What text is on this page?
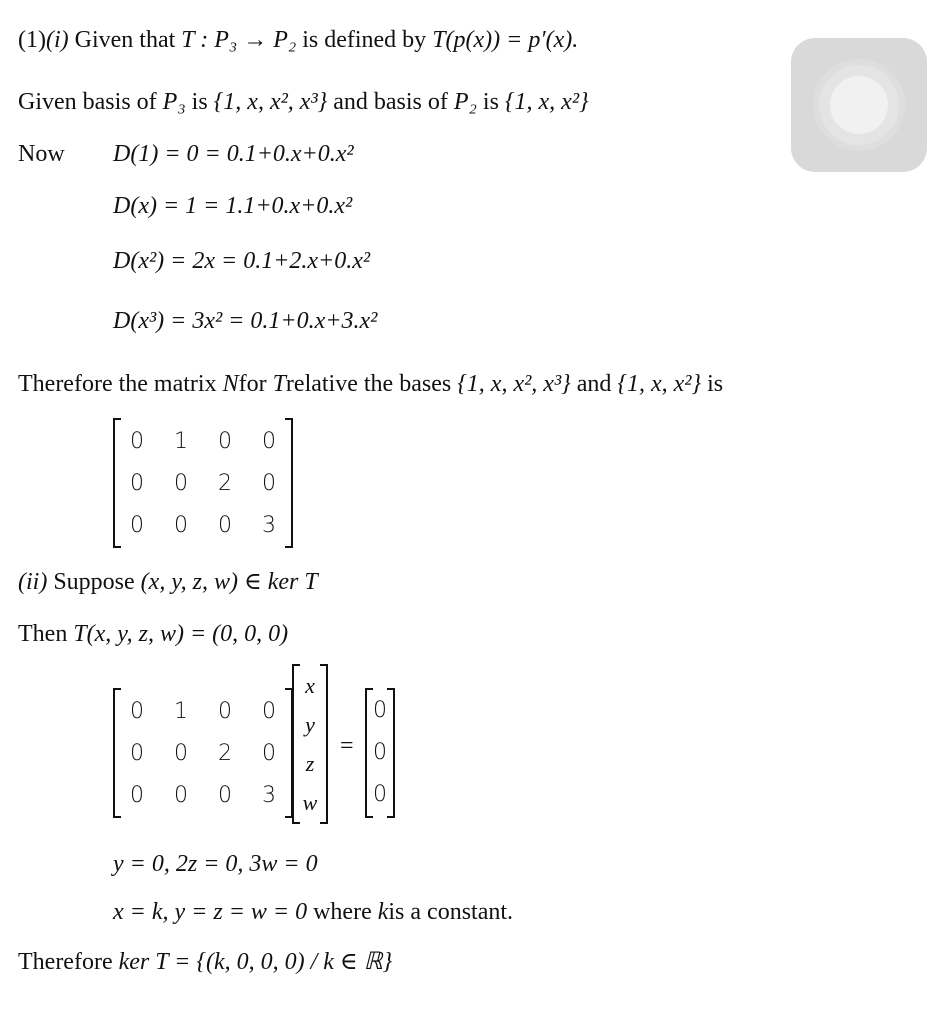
(1)(i) Given that T : P₃ → P₂ is defined by T(p(x)) = p′(x).
Given basis of P₃ is {1, x, x², x³} and basis of P₂ is {1, x, x²}
Now D(1) = 0 = 0.1+0.x+0.x²
D(x) = 1 = 1.1+0.x+0.x²
D(x²) = 2x = 0.1+2.x+0.x²
D(x³) = 3x² = 0.1+0.x+3.x²
Therefore the matrix Nfor Trelative the bases {1, x, x², x³} and {1, x, x²} is
0	1	0	0
0	0	2	0
0	0	0	3
(ii) Suppose (x, y, z, w) ∈ ker T
Then T(x, y, z, w) = (0, 0, 0)
0	1	0	0
0	0	2	0
0	0	0	3
x
y
z
w
=
0
0
0
y = 0, 2z = 0, 3w = 0
x = k, y = z = w = 0 where kis a constant.
Therefore ker T = {(k, 0, 0, 0) / k ∈ ℝ}
